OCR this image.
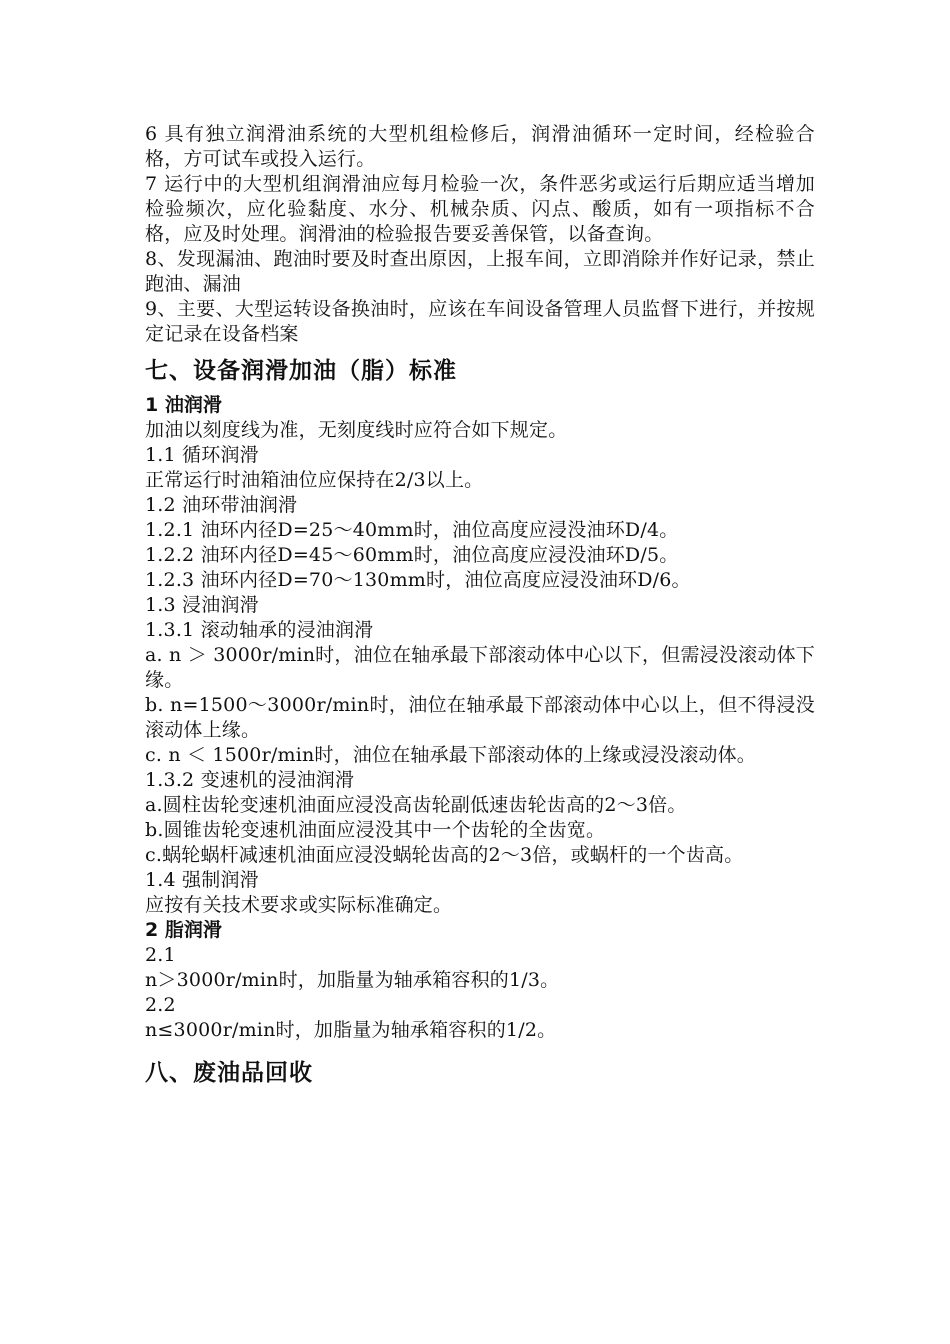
6 具有独立润滑油系统的大型机组检修后，润滑油循环一定时间，经检验合格，方可试车或投入运行。

7 运行中的大型机组润滑油应每月检验一次，条件恶劣或运行后期应适当增加检验频次，应化验黏度、水分、机械杂质、闪点、酸质，如有一项指标不合格，应及时处理。润滑油的检验报告要妥善保管，以备查询。

8、发现漏油、跑油时要及时查出原因，上报车间，立即消除并作好记录，禁止跑油、漏油

9、主要、大型运转设备换油时，应该在车间设备管理人员监督下进行，并按规定记录在设备档案

七、设备润滑加油（脂）标准

1 油润滑

加油以刻度线为准，无刻度线时应符合如下规定。

1.1 循环润滑

正常运行时油箱油位应保持在2/3以上。

1.2 油环带油润滑

1.2.1 油环内径D=25～40mm时，油位高度应浸没油环D/4。

1.2.2 油环内径D=45～60mm时，油位高度应浸没油环D/5。

1.2.3 油环内径D=70～130mm时，油位高度应浸没油环D/6。

1.3 浸油润滑

1.3.1 滚动轴承的浸油润滑

a. n ＞ 3000r/min时，油位在轴承最下部滚动体中心以下，但需浸没滚动体下缘。

b. n=1500～3000r/min时，油位在轴承最下部滚动体中心以上，但不得浸没滚动体上缘。

c. n ＜ 1500r/min时，油位在轴承最下部滚动体的上缘或浸没滚动体。

1.3.2 变速机的浸油润滑

a.圆柱齿轮变速机油面应浸没高齿轮副低速齿轮齿高的2～3倍。

b.圆锥齿轮变速机油面应浸没其中一个齿轮的全齿宽。

c.蜗轮蜗杆减速机油面应浸没蜗轮齿高的2～3倍，或蜗杆的一个齿高。

1.4 强制润滑

应按有关技术要求或实际标准确定。

2 脂润滑

2.1

n＞3000r/min时，加脂量为轴承箱容积的1/3。

2.2

n≤3000r/min时，加脂量为轴承箱容积的1/2。

八、废油品回收
